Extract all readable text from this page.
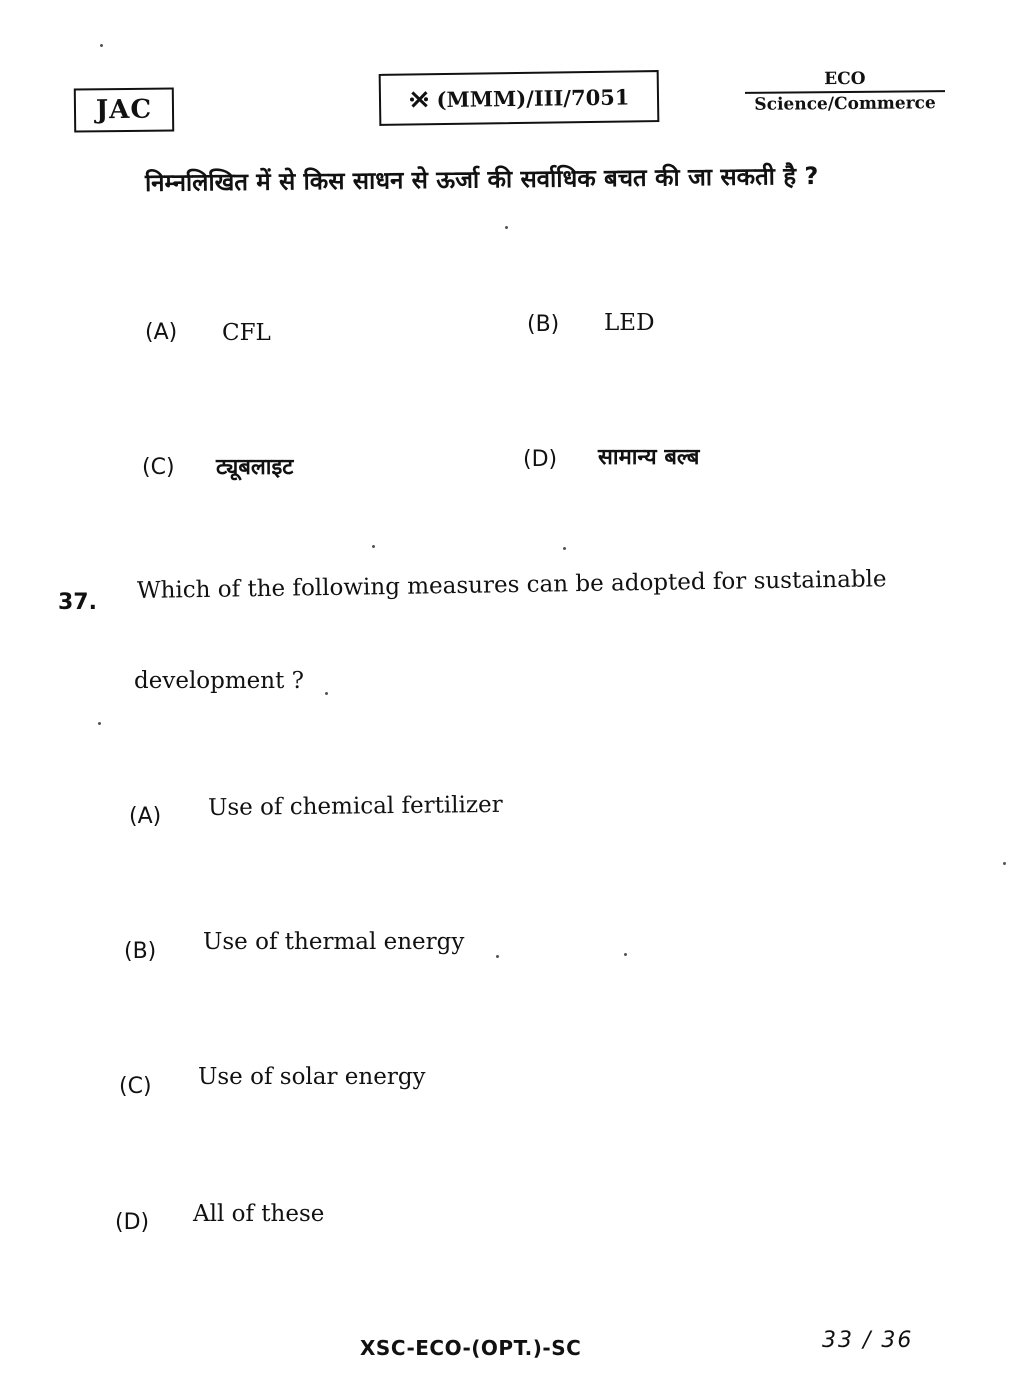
JAC	(MMM)/III/7051
ECO
Science/Commerce
निम्नलिखित में से किस साधन से ऊर्जा की सर्वाधिक बचत की जा सकती है ?
(A) CFL	(B) LED
(C) ट्यूबलाइट	(D) सामान्य बल्ब
37. Which of the following measures can be adopted for sustainable
development ?
(A) Use of chemical fertilizer
(B) Use of thermal energy
(C) Use of solar energy
(D) All of these
XSC-ECO-(OPT.)-SC	33 / 36
